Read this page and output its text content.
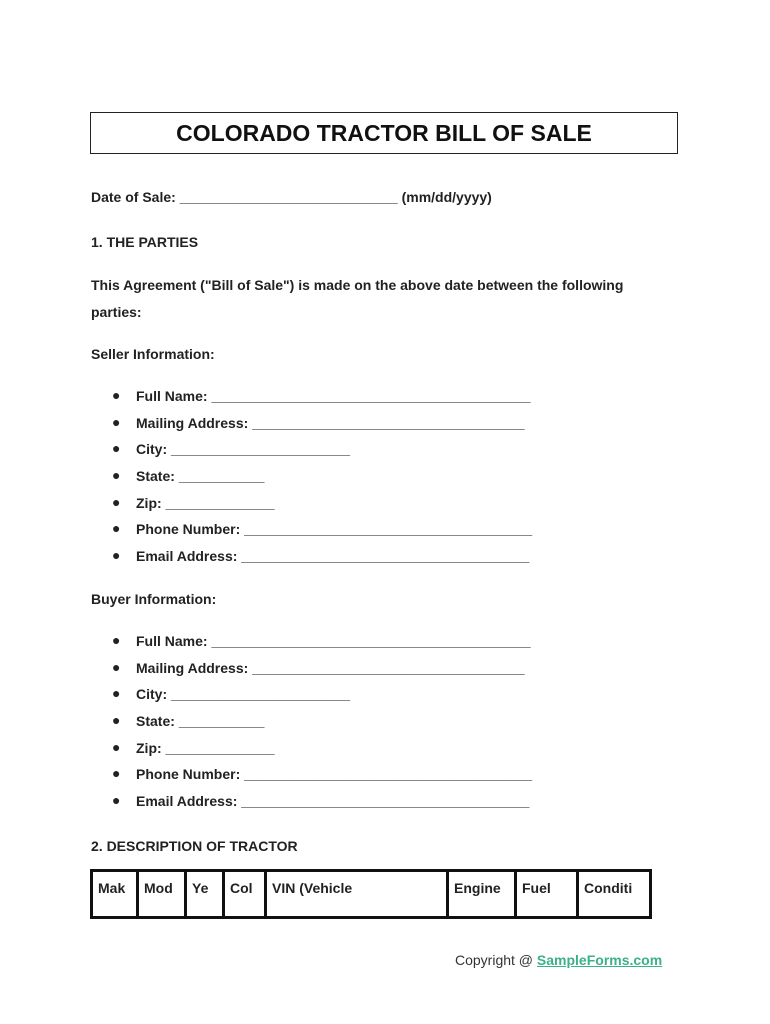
COLORADO TRACTOR BILL OF SALE
Date of Sale: ____________________________ (mm/dd/yyyy)
1. THE PARTIES
This Agreement ("Bill of Sale") is made on the above date between the following
parties:
Seller Information:
● Full Name: _________________________________________
● Mailing Address: ___________________________________
● City: _______________________
● State: ___________
● Zip: ______________
● Phone Number: _____________________________________
● Email Address: _____________________________________
Buyer Information:
● Full Name: _________________________________________
● Mailing Address: ___________________________________
● City: _______________________
● State: ___________
● Zip: ______________
● Phone Number: _____________________________________
● Email Address: _____________________________________
2. DESCRIPTION OF TRACTOR
Mak	Mod	Ye	Col	VIN (Vehicle	Engine	Fuel	Conditi
Copyright @ SampleForms.com
